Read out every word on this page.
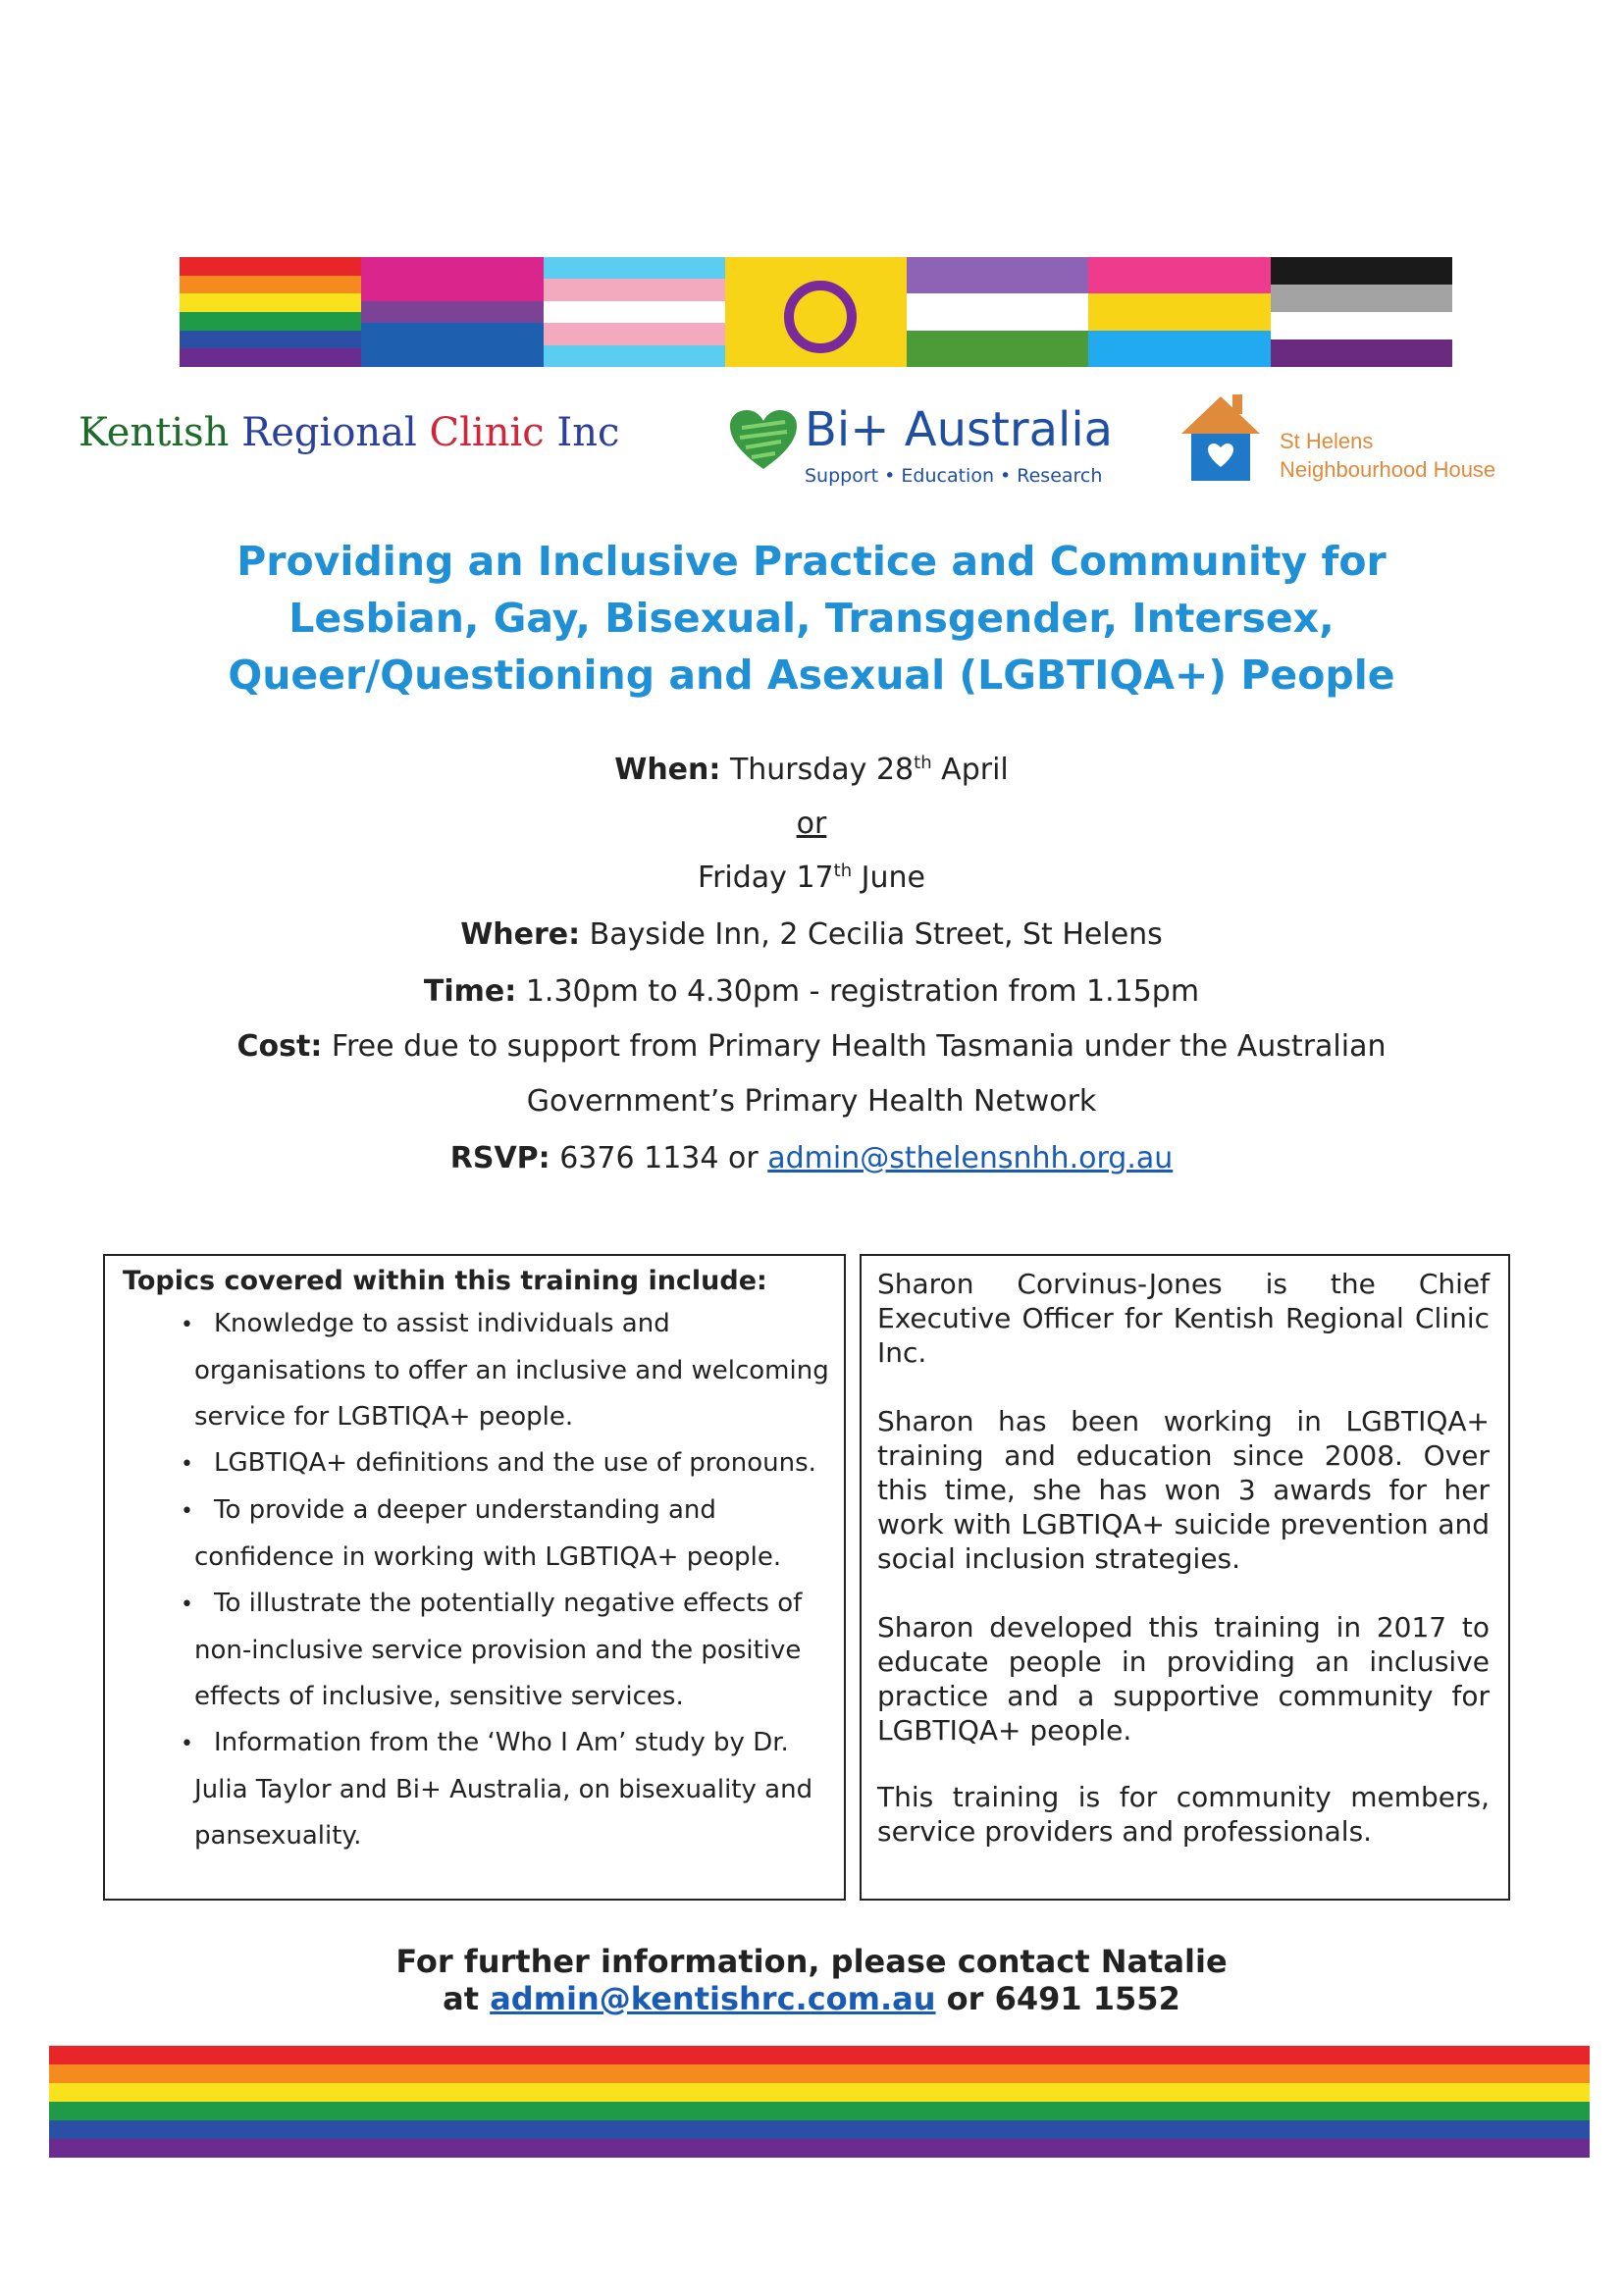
Kentish Regional Clinic Inc	Bi+ Australia
Support • Education • Research
St Helens
Neighbourhood House
Providing an Inclusive Practice and Community for
Lesbian, Gay, Bisexual, Transgender, Intersex,
Queer/Questioning and Asexual (LGBTIQA+) People
When: Thursday 28th April
or
Friday 17th June
Where: Bayside Inn, 2 Cecilia Street, St Helens
Time: 1.30pm to 4.30pm - registration from 1.15pm
Cost: Free due to support from Primary Health Tasmania under the Australian
Government’s Primary Health Network
RSVP: 6376 1134 or admin@sthelensnhh.org.au
Topics covered within this training include:
• Knowledge to assist individuals and organisations to offer an inclusive and welcoming service for LGBTIQA+ people.
• LGBTIQA+ definitions and the use of pronouns.
• To provide a deeper understanding and confidence in working with LGBTIQA+ people.
• To illustrate the potentially negative effects of non-inclusive service provision and the positive effects of inclusive, sensitive services.
• Information from the ‘Who I Am’ study by Dr. Julia Taylor and Bi+ Australia, on bisexuality and pansexuality.

Sharon Corvinus-Jones is the Chief Executive Officer for Kentish Regional Clinic Inc.

Sharon has been working in LGBTIQA+ training and education since 2008. Over this time, she has won 3 awards for her work with LGBTIQA+ suicide prevention and social inclusion strategies.

Sharon developed this training in 2017 to educate people in providing an inclusive practice and a supportive community for LGBTIQA+ people.

This training is for community members, service providers and professionals.

For further information, please contact Natalie
at admin@kentishrc.com.au or 6491 1552
